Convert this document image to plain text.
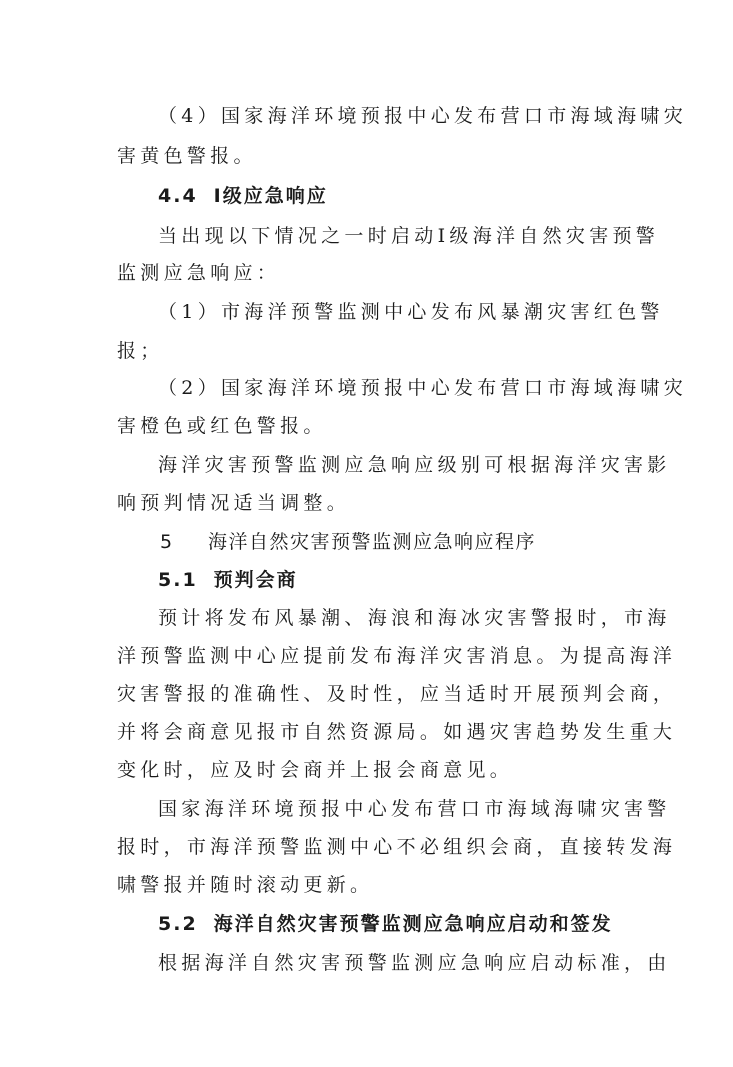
（4）国家海洋环境预报中心发布营口市海域海啸灾
害黄色警报。
4.4 Ⅰ级应急响应
当出现以下情况之一时启动Ⅰ级海洋自然灾害预警
监测应急响应：
（1）市海洋预警监测中心发布风暴潮灾害红色警
报；
（2）国家海洋环境预报中心发布营口市海域海啸灾
害橙色或红色警报。
海洋灾害预警监测应急响应级别可根据海洋灾害影
响预判情况适当调整。
5 海洋自然灾害预警监测应急响应程序
5.1 预判会商
预计将发布风暴潮、海浪和海冰灾害警报时，市海
洋预警监测中心应提前发布海洋灾害消息。为提高海洋
灾害警报的准确性、及时性，应当适时开展预判会商，
并将会商意见报市自然资源局。如遇灾害趋势发生重大
变化时，应及时会商并上报会商意见。
国家海洋环境预报中心发布营口市海域海啸灾害警
报时，市海洋预警监测中心不必组织会商，直接转发海
啸警报并随时滚动更新。
5.2 海洋自然灾害预警监测应急响应启动和签发
根据海洋自然灾害预警监测应急响应启动标准，由
